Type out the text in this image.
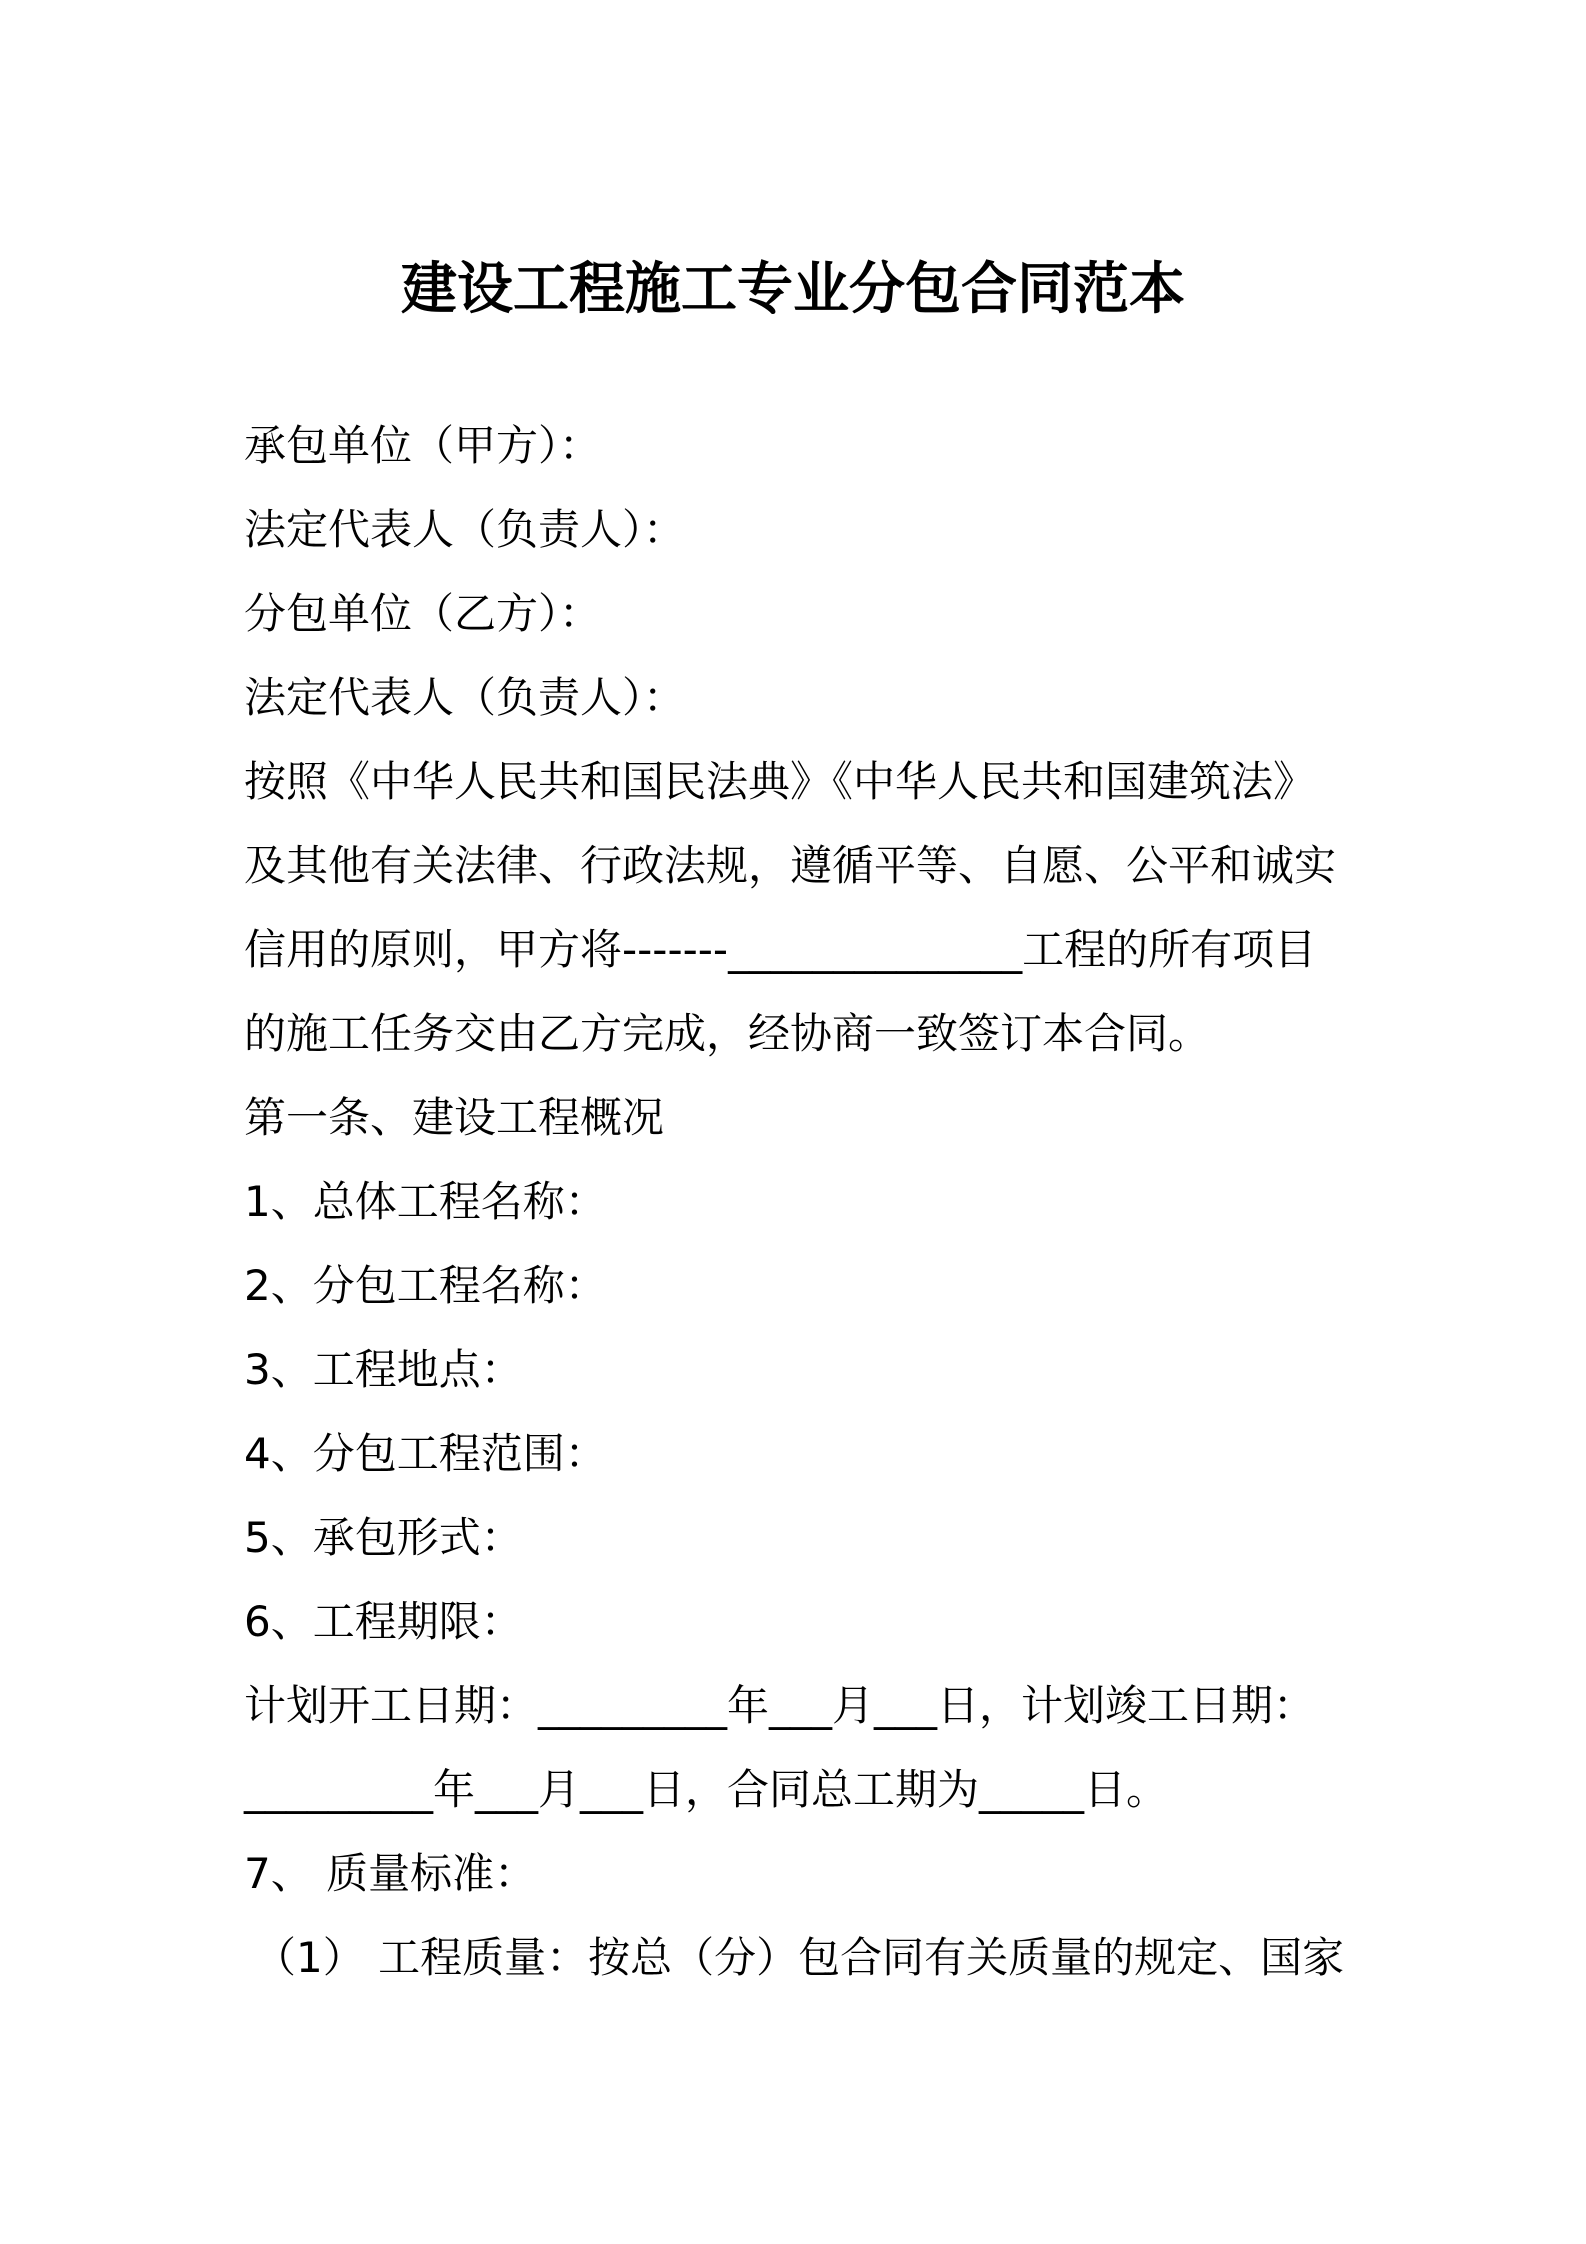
建设工程施工专业分包合同范本

承包单位（甲方）：

法定代表人（负责人）：

分包单位（乙方）：

法定代表人（负责人）：

按照《中华人民共和国民法典》《中华人民共和国建筑法》

及其他有关法律、行政法规，遵循平等、自愿、公平和诚实

信用的原则，甲方将-------______________工程的所有项目

的施工任务交由乙方完成，经协商一致签订本合同。

第一条、建设工程概况

1、总体工程名称：

2、分包工程名称：

3、工程地点：

4、分包工程范围：

5、承包形式：

6、工程期限：

计划开工日期：_________年___月___日，计划竣工日期：

_________年___月___日，合同总工期为_____日。

7、 质量标准：

（1） 工程质量：按总（分）包合同有关质量的规定、国家
